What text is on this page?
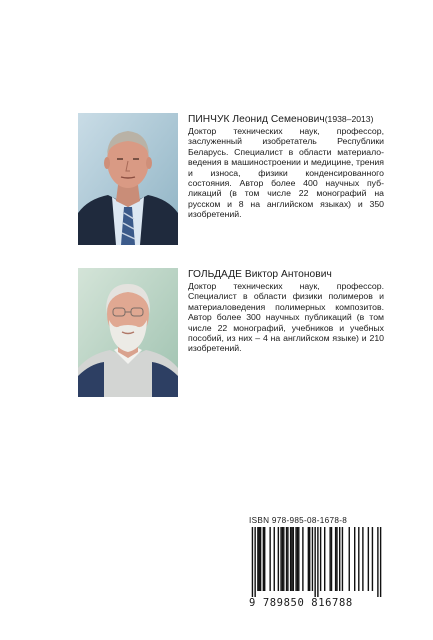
ПИНЧУК Леонид Семенович(1938–2013)

Доктор технических наук, профессор, заслуженный изобретатель Республики Беларусь. Специалист в области материаловедения в машиностроении и медицине, трения и износа, физики конденсированного состояния. Автор более 400 научных публикаций (в том числе 22 монографий на русском и 8 на английском языках) и 350 изобретений.

ГОЛЬДАДЕ Виктор Антонович

Доктор технических наук, профессор. Специалист в области физики полимеров и материаловедения полимерных композитов. Автор более 300 научных публикаций (в том числе 22 монографий, учебников и учебных пособий, из них – 4 на английском языке) и 210 изобретений.

ISBN 978-985-08-1678-8
9 789850 816788
